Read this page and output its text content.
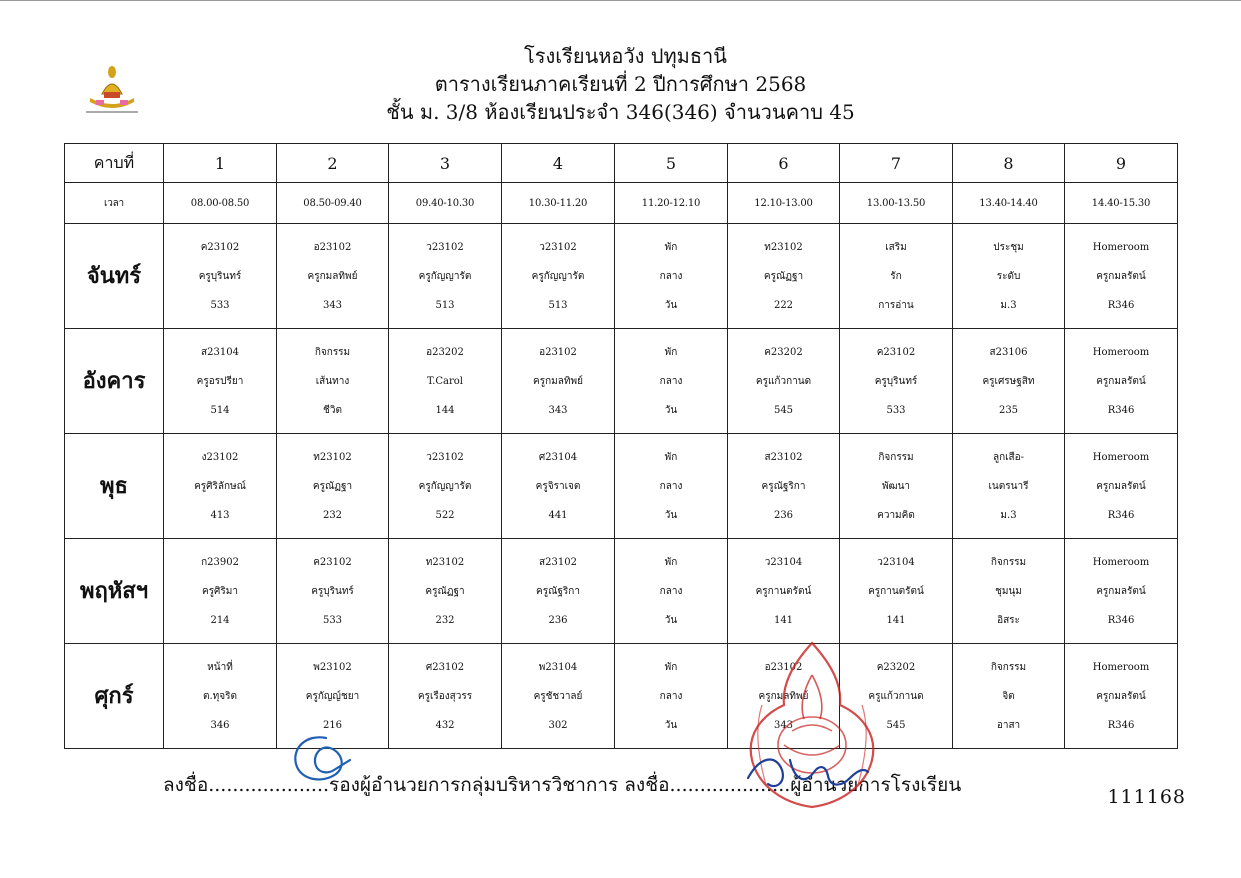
โรงเรียนหอวัง ปทุมธานี
ตารางเรียนภาคเรียนที่ 2 ปีการศึกษา 2568
ชั้น ม. 3/8 ห้องเรียนประจำ 346(346) จำนวนคาบ 45
คาบที่	1	2	3	4	5	6	7	8	9
เวลา	08.00-08.50	08.50-09.40	09.40-10.30	10.30-11.20	11.20-12.10	12.10-13.00	13.00-13.50	13.40-14.40	14.40-15.30
จันทร์	ค23102
ครูบุรินทร์
533	อ23102
ครูกมลทิพย์
343	ว23102
ครูกัญญารัต
513	ว23102
ครูกัญญารัต
513	พัก
กลาง
วัน	ท23102
ครูณัฏฐา
222	เสริม
รัก
การอ่าน	ประชุม
ระดับ
ม.3	Homeroom
ครูกมลรัตน์
R346

อังคาร	ส23104
ครูอรปรียา
514	กิจกรรม
เส้นทาง
ชีวิต	อ23202
T.Carol
144	อ23102
ครูกมลทิพย์
343	พัก
กลาง
วัน	ค23202
ครูแก้วกานด
545	ค23102
ครูบุรินทร์
533	ส23106
ครูเศรษฐสิท
235	Homeroom
ครูกมลรัตน์
R346

พุธ	ง23102
ครูศิริลักษณ์
413	ท23102
ครูณัฏฐา
232	ว23102
ครูกัญญารัต
522	ศ23104
ครูจิราเจต
441	พัก
กลาง
วัน	ส23102
ครูณัฐริกา
236	กิจกรรม
พัฒนา
ความคิด	ลูกเสือ-
เนตรนารี
ม.3	Homeroom
ครูกมลรัตน์
R346

พฤหัสฯ	ก23902
ครูศิริมา
214	ค23102
ครูบุรินทร์
533	ท23102
ครูณัฏฐา
232	ส23102
ครูณัฐริกา
236	พัก
กลาง
วัน	ว23104
ครูกานตรัตน์
141	ว23104
ครูกานตรัตน์
141	กิจกรรม
ชุมนุม
อิสระ	Homeroom
ครูกมลรัตน์
R346

ศุกร์	หน้าที่
ต.ทุจริต
346	พ23102
ครูกัญญ์ชยา
216	ศ23102
ครูเรืองสุวรร
432	พ23104
ครูชัชวาลย์
302	พัก
กลาง
วัน	อ23102
ครูกมลทิพย์
343	ค23202
ครูแก้วกานด
545	กิจกรรม
จิต
อาสา	Homeroom
ครูกมลรัตน์
R346
ลงชื่อ....................รองผู้อำนวยการกลุ่มบริหารวิชาการ ลงชื่อ....................ผู้อำนวยการโรงเรียน
111168
